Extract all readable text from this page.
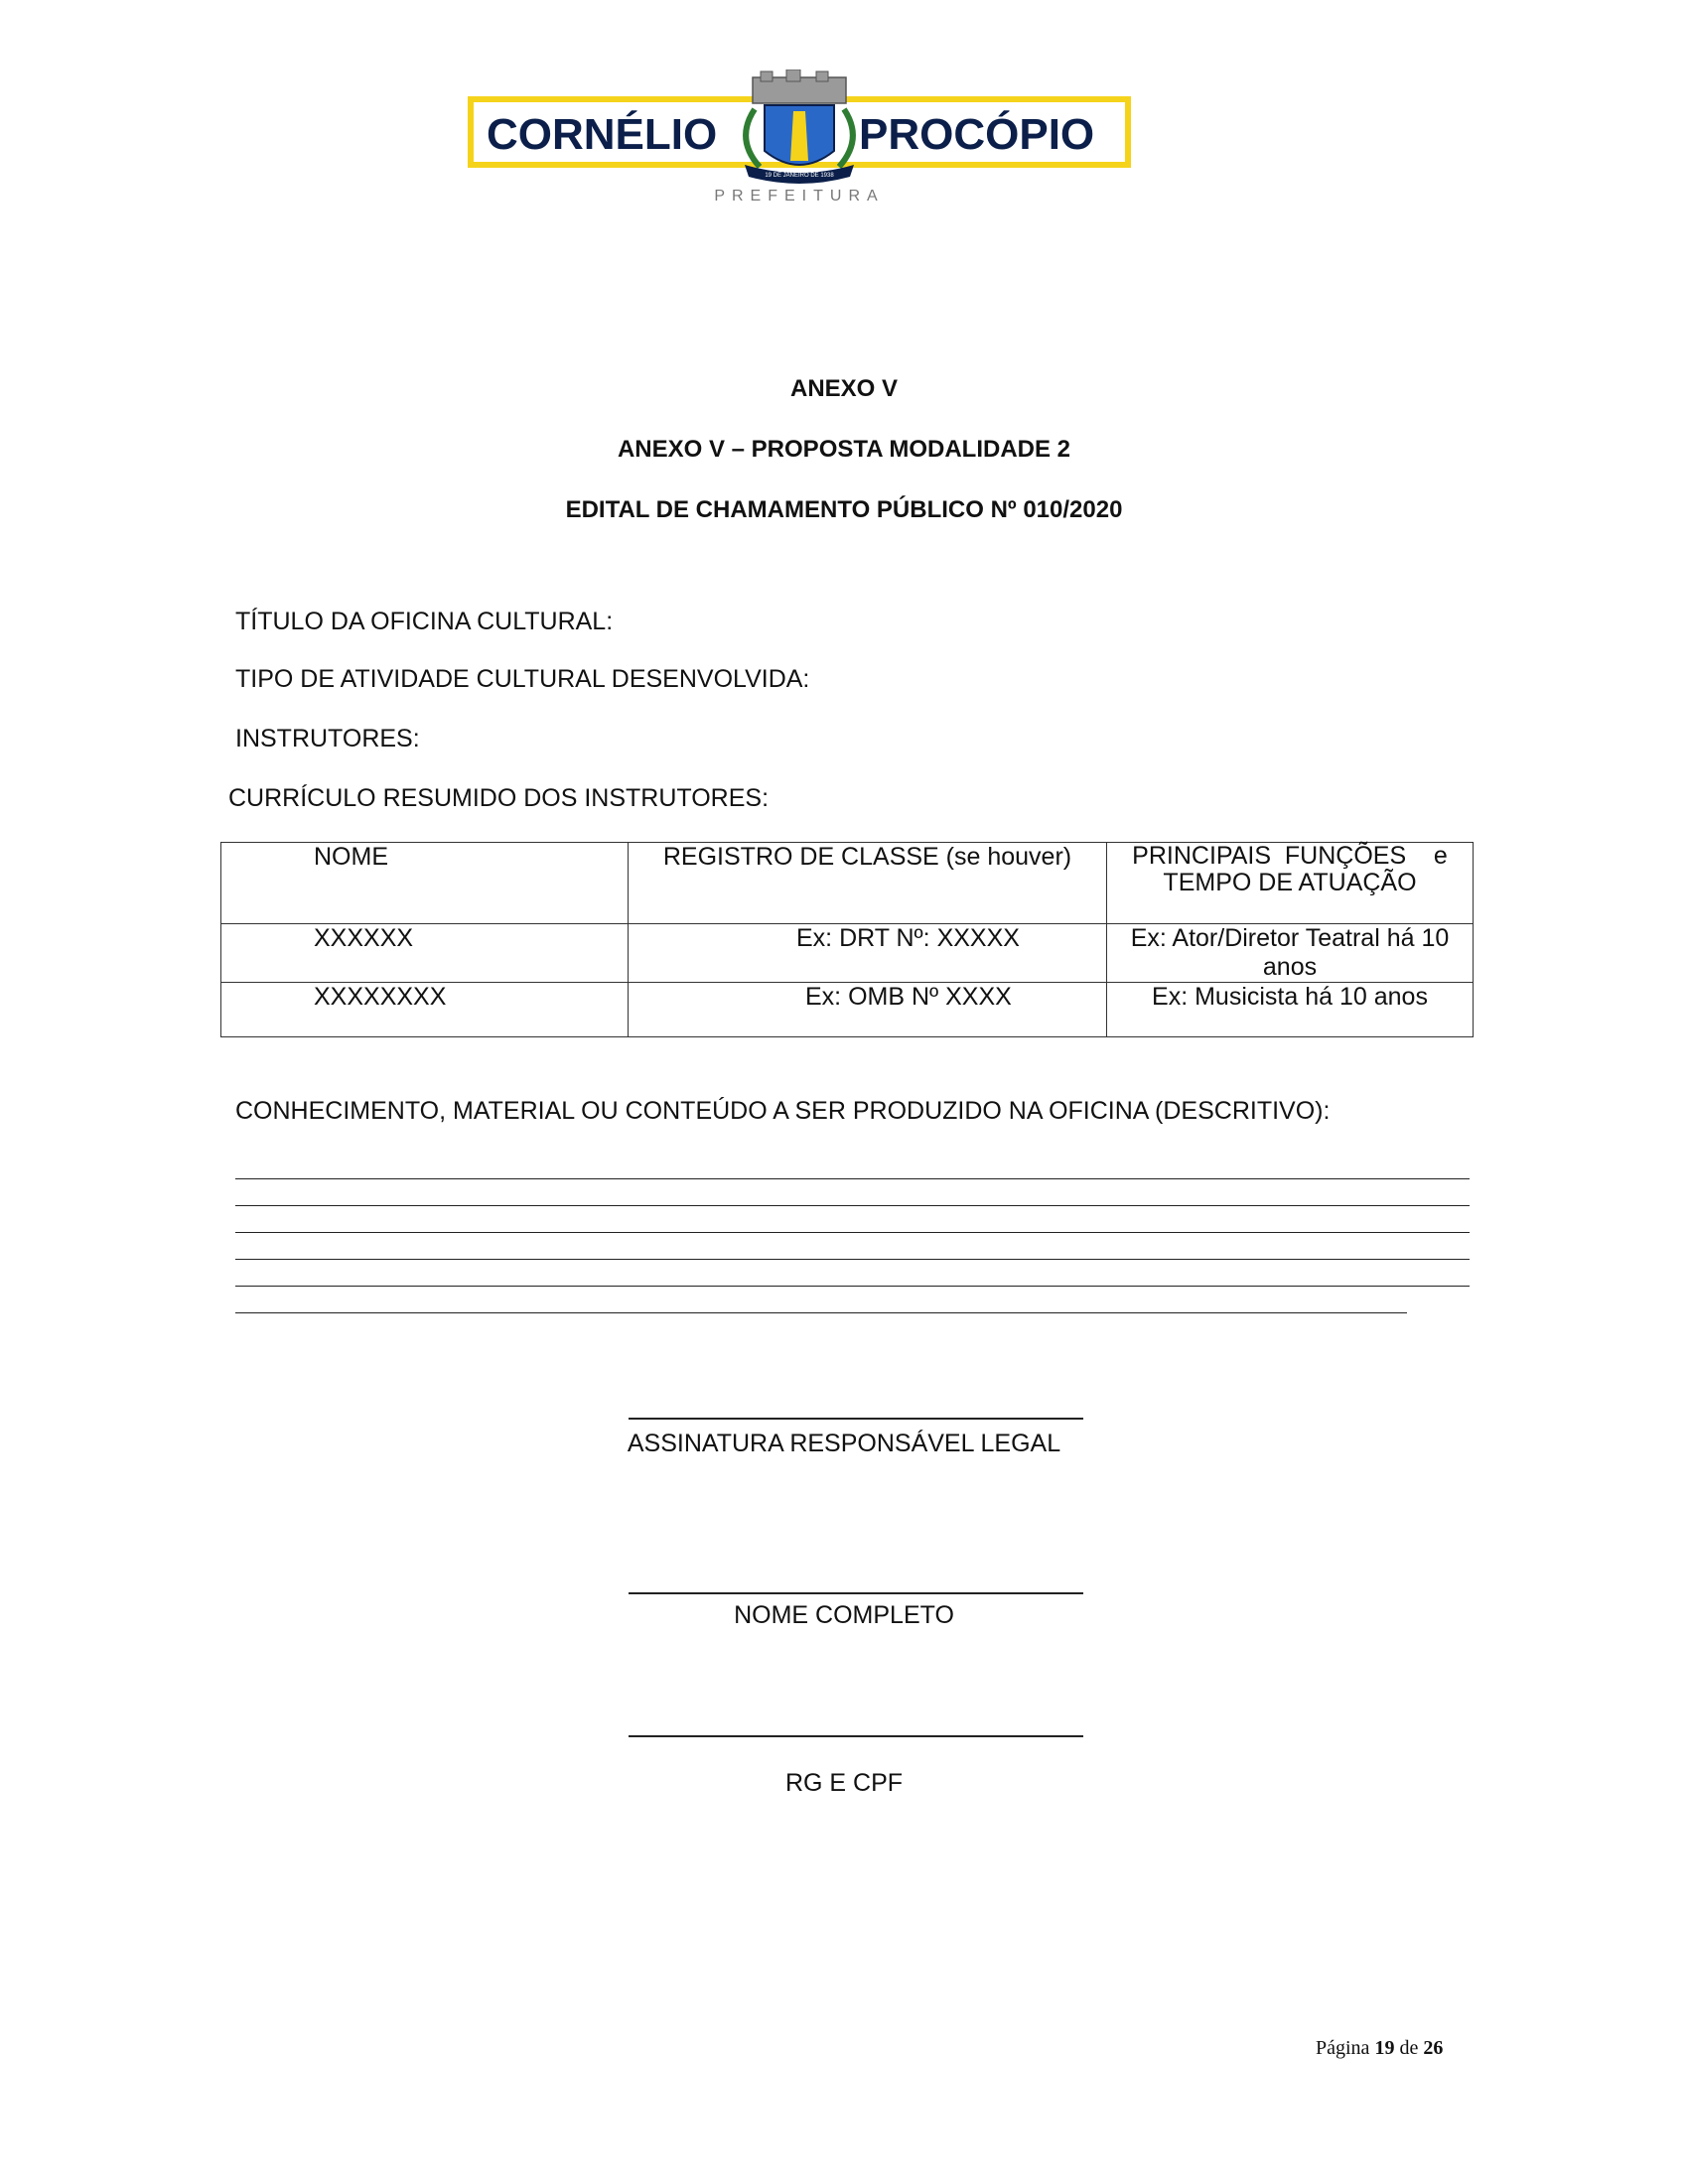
CORNÉLIO	PROCÓPIO
19 DE JANEIRO DE 1938
PREFEITURA
ANEXO V
ANEXO V – PROPOSTA MODALIDADE 2
EDITAL DE CHAMAMENTO PÚBLICO Nº 010/2020
TÍTULO DA OFICINA CULTURAL:
TIPO DE ATIVIDADE CULTURAL DESENVOLVIDA:
INSTRUTORES:
CURRÍCULO RESUMIDO DOS INSTRUTORES:
NOME	REGISTRO DE CLASSE (se houver)	PRINCIPAIS  FUNÇÕES    e
TEMPO DE ATUAÇÃO

XXXXXX	Ex: DRT Nº: XXXXX	Ex: Ator/Diretor Teatral há 10 anos
XXXXXXXX	Ex: OMB Nº XXXX	Ex: Musicista há 10 anos
CONHECIMENTO, MATERIAL OU CONTEÚDO A SER PRODUZIDO NA OFICINA (DESCRITIVO):
ASSINATURA RESPONSÁVEL LEGAL
NOME COMPLETO
RG E CPF
Página 19 de 26
